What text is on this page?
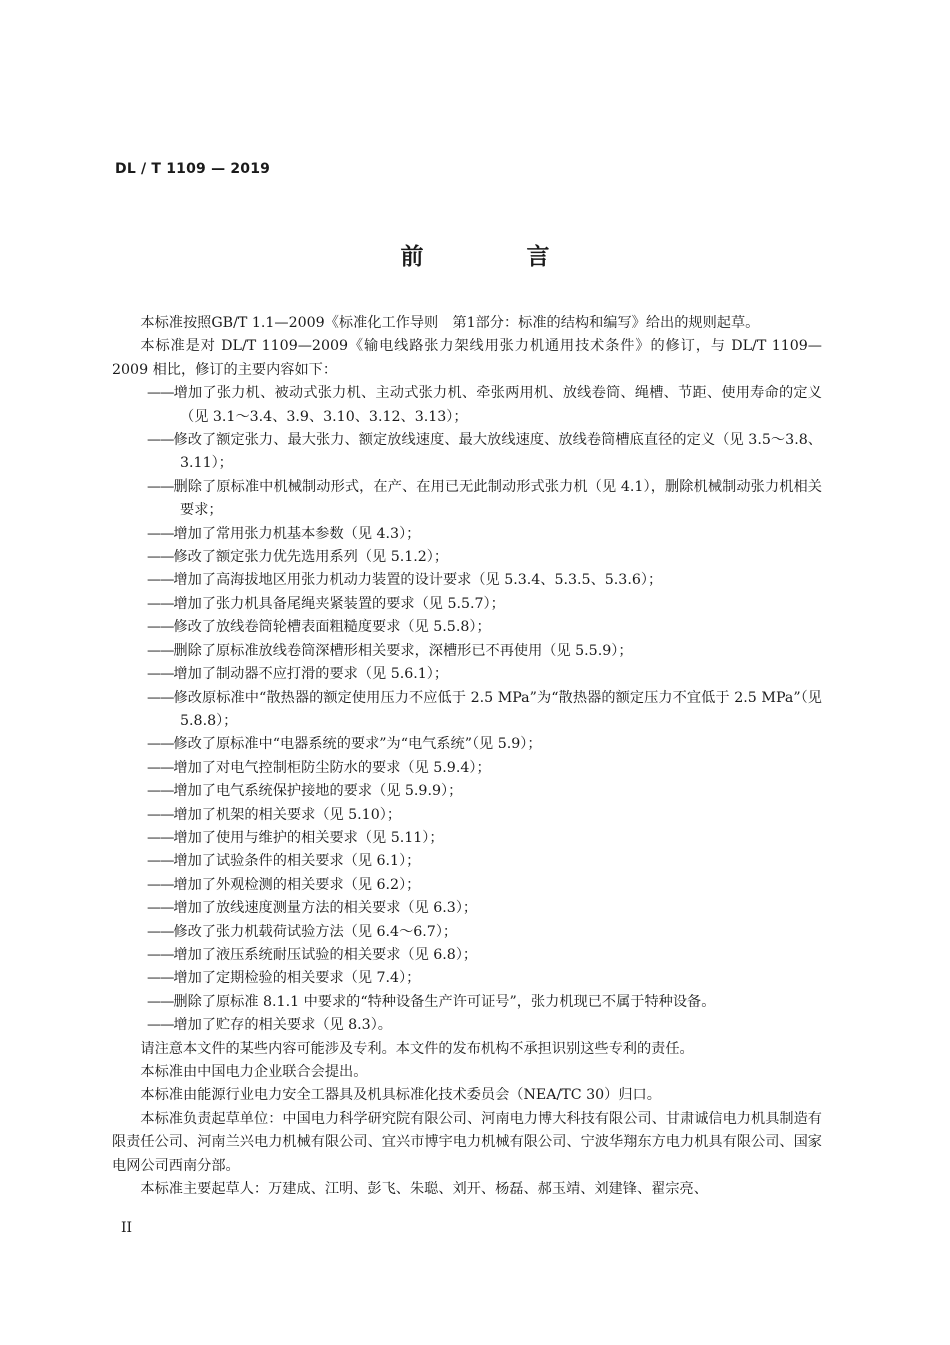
DL / T 1109 — 2019
前　言

本标准按照GB/T 1.1—2009《标准化工作导则　第1部分：标准的结构和编写》给出的规则起草。

本标准是对 DL/T 1109—2009《输电线路张力架线用张力机通用技术条件》的修订，与 DL/T 1109—2009 相比，修订的主要内容如下：

——增加了张力机、被动式张力机、主动式张力机、牵张两用机、放线卷筒、绳槽、节距、使用寿命的定义（见 3.1～3.4、3.9、3.10、3.12、3.13）；

——修改了额定张力、最大张力、额定放线速度、最大放线速度、放线卷筒槽底直径的定义（见 3.5～3.8、3.11）；

——删除了原标准中机械制动形式，在产、在用已无此制动形式张力机（见 4.1），删除机械制动张力机相关要求；

——增加了常用张力机基本参数（见 4.3）；

——修改了额定张力优先选用系列（见 5.1.2）；

——增加了高海拔地区用张力机动力装置的设计要求（见 5.3.4、5.3.5、5.3.6）；

——增加了张力机具备尾绳夹紧装置的要求（见 5.5.7）；

——修改了放线卷筒轮槽表面粗糙度要求（见 5.5.8）；

——删除了原标准放线卷筒深槽形相关要求，深槽形已不再使用（见 5.5.9）；

——增加了制动器不应打滑的要求（见 5.6.1）；

——修改原标准中“散热器的额定使用压力不应低于 2.5 MPa”为“散热器的额定压力不宜低于 2.5 MPa”（见 5.8.8）；

——修改了原标准中“电器系统的要求”为“电气系统”（见 5.9）；

——增加了对电气控制柜防尘防水的要求（见 5.9.4）；

——增加了电气系统保护接地的要求（见 5.9.9）；

——增加了机架的相关要求（见 5.10）；

——增加了使用与维护的相关要求（见 5.11）；

——增加了试验条件的相关要求（见 6.1）；

——增加了外观检测的相关要求（见 6.2）；

——增加了放线速度测量方法的相关要求（见 6.3）；

——修改了张力机载荷试验方法（见 6.4～6.7）；

——增加了液压系统耐压试验的相关要求（见 6.8）；

——增加了定期检验的相关要求（见 7.4）；

——删除了原标准 8.1.1 中要求的“特种设备生产许可证号”，张力机现已不属于特种设备。

——增加了贮存的相关要求（见 8.3）。

请注意本文件的某些内容可能涉及专利。本文件的发布机构不承担识别这些专利的责任。

本标准由中国电力企业联合会提出。

本标准由能源行业电力安全工器具及机具标准化技术委员会（NEA/TC 30）归口。

本标准负责起草单位：中国电力科学研究院有限公司、河南电力博大科技有限公司、甘肃诚信电力机具制造有限责任公司、河南兰兴电力机械有限公司、宜兴市博宇电力机械有限公司、宁波华翔东方电力机具有限公司、国家电网公司西南分部。

本标准主要起草人：万建成、江明、彭飞、朱聪、刘开、杨磊、郝玉靖、刘建锋、翟宗亮、

II
